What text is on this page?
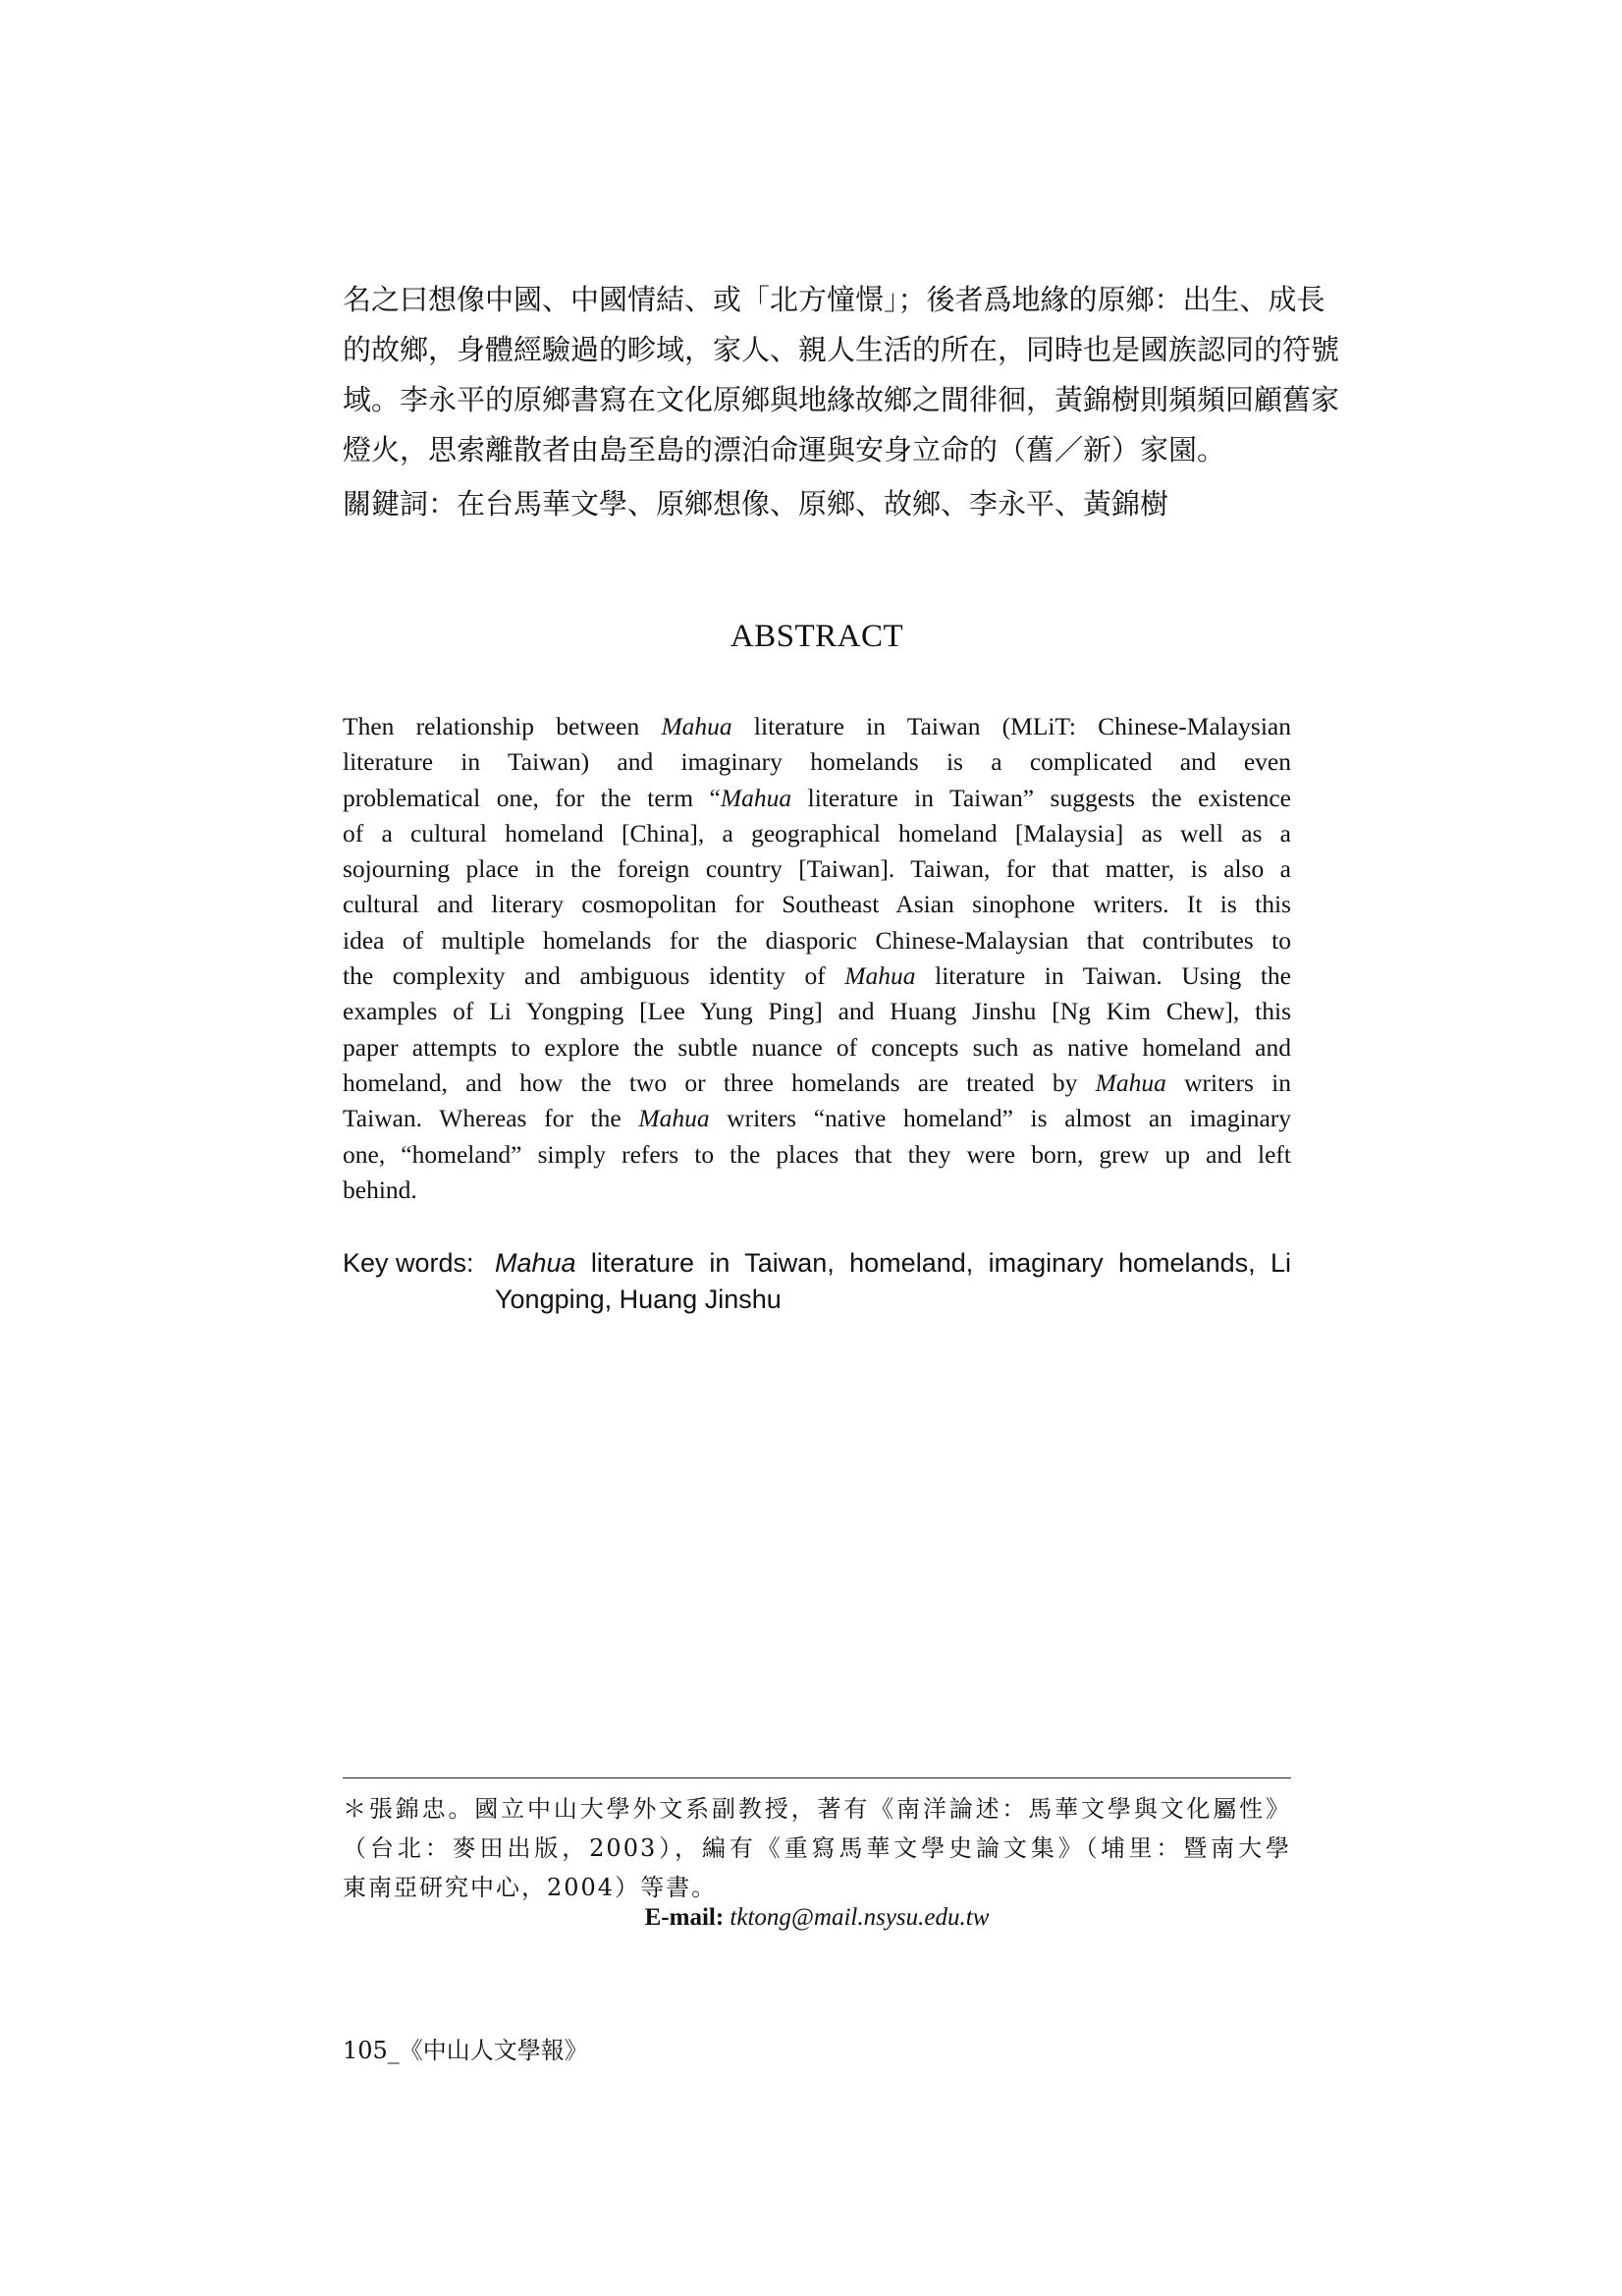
名之曰想像中國、中國情結、或「北方憧憬」；後者爲地緣的原鄉：出生、成長
的故鄉，身體經驗過的畛域，家人、親人生活的所在，同時也是國族認同的符號
域。李永平的原鄉書寫在文化原鄉與地緣故鄉之間徘徊，黃錦樹則頻頻回顧舊家
燈火，思索離散者由島至島的漂泊命運與安身立命的（舊／新）家園。
關鍵詞：在台馬華文學、原鄉想像、原鄉、故鄉、李永平、黃錦樹
ABSTRACT
Then relationship between Mahua literature in Taiwan (MLiT: Chinese-Malaysian
literature in Taiwan) and imaginary homelands is a complicated and even
problematical one, for the term “Mahua literature in Taiwan” suggests the existence
of a cultural homeland [China], a geographical homeland [Malaysia] as well as a
sojourning place in the foreign country [Taiwan]. Taiwan, for that matter, is also a
cultural and literary cosmopolitan for Southeast Asian sinophone writers. It is this
idea of multiple homelands for the diasporic Chinese-Malaysian that contributes to
the complexity and ambiguous identity of Mahua literature in Taiwan. Using the
examples of Li Yongping [Lee Yung Ping] and Huang Jinshu [Ng Kim Chew], this
paper attempts to explore the subtle nuance of concepts such as native homeland and
homeland, and how the two or three homelands are treated by Mahua writers in
Taiwan. Whereas for the Mahua writers “native homeland” is almost an imaginary
one, “homeland” simply refers to the places that they were born, grew up and left
behind.
Key words: Mahua literature in Taiwan, homeland, imaginary homelands, Li
Yongping, Huang Jinshu
＊張錦忠。國立中山大學外文系副教授，著有《南洋論述：馬華文學與文化屬性》
（台北：麥田出版，2003），編有《重寫馬華文學史論文集》（埔里：暨南大學
東南亞研究中心，2004）等書。
E-mail: tktong@mail.nsysu.edu.tw
105_《中山人文學報》
